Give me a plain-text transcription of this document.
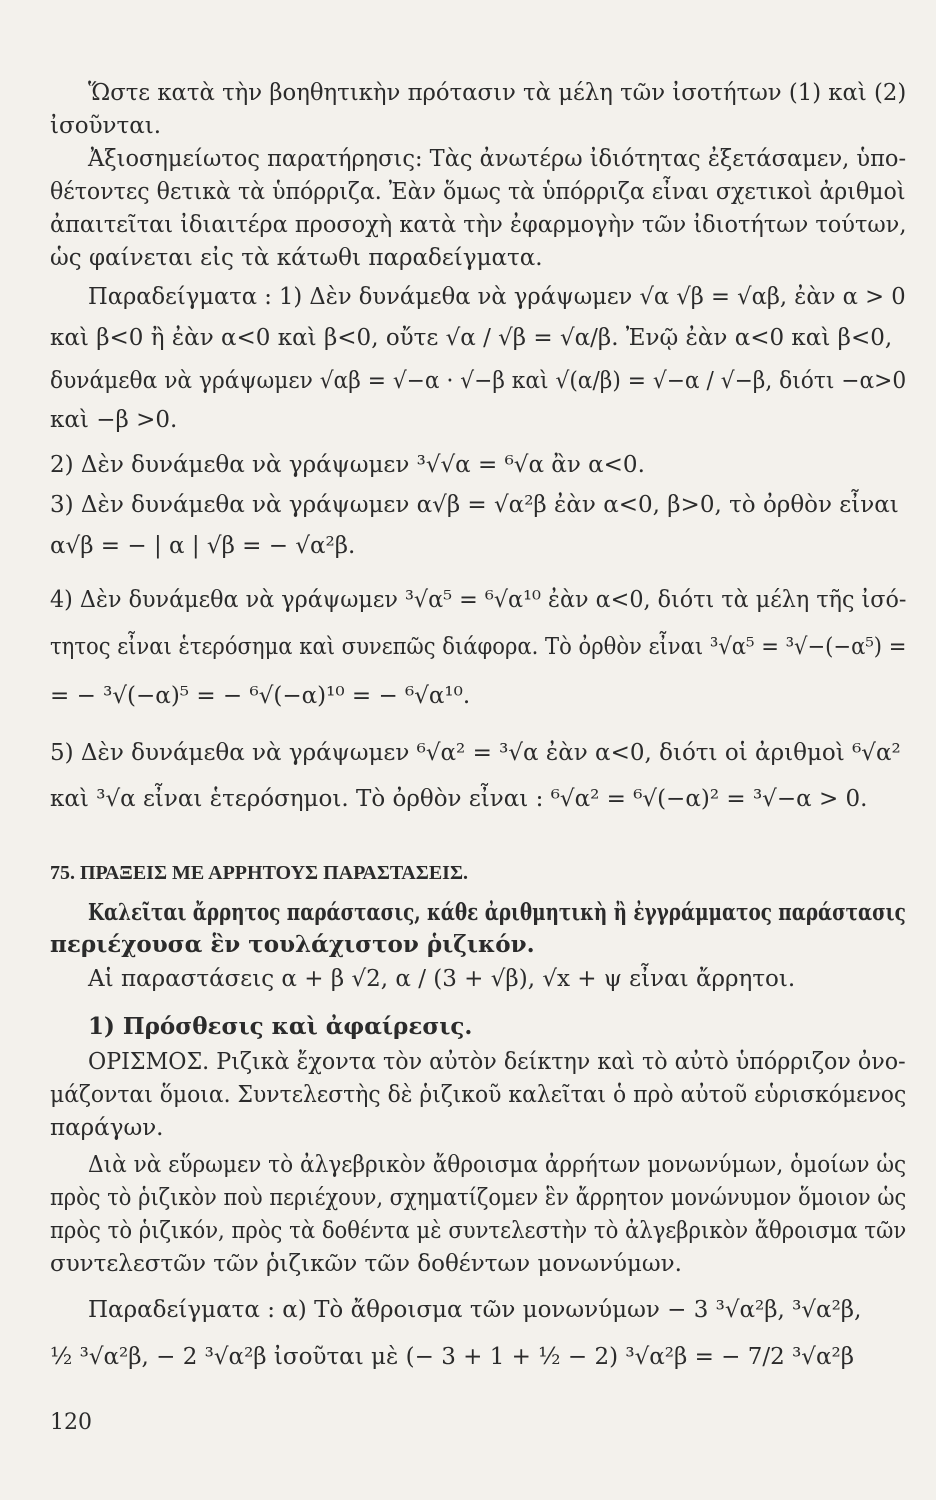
Ὥστε κατὰ τὴν βοηθητικὴν πρότασιν τὰ μέλη τῶν ἰσοτήτων (1) καὶ (2)
ἰσοῦνται.
Ἀξιοσημείωτος παρατήρησις: Τὰς ἀνωτέρω ἰδιότητας ἐξετάσαμεν, ὑπο-
θέτοντες θετικὰ τὰ ὑπόρριζα. Ἐὰν ὅμως τὰ ὑπόρριζα εἶναι σχετικοὶ ἀριθμοὶ
ἀπαιτεῖται ἰδιαιτέρα προσοχὴ κατὰ τὴν ἐφαρμογὴν τῶν ἰδιοτήτων τούτων,
ὡς φαίνεται εἰς τὰ κάτωθι παραδείγματα.
Παραδείγματα : 1) Δὲν δυνάμεθα νὰ γράψωμεν √α √β = √αβ, ἐὰν α > 0
καὶ β<0 ἢ ἐὰν α<0 καὶ β<0, οὔτε √α / √β = √α/β. Ἐνῷ ἐὰν α<0 καὶ β<0,
δυνάμεθα νὰ γράψωμεν √αβ = √−α · √−β καὶ √(α/β) = √−α / √−β, διότι −α>0
καὶ −β >0.
2) Δὲν δυνάμεθα νὰ γράψωμεν ³√√α = ⁶√α ἂν α<0.
3) Δὲν δυνάμεθα νὰ γράψωμεν α√β = √α²β ἐὰν α<0, β>0, τὸ ὀρθὸν εἶναι
α√β = − | α | √β = − √α²β.
4) Δὲν δυνάμεθα νὰ γράψωμεν ³√α⁵ = ⁶√α¹⁰ ἐὰν α<0, διότι τὰ μέλη τῆς ἰσό-
τητος εἶναι ἑτερόσημα καὶ συνεπῶς διάφορα. Τὸ ὀρθὸν εἶναι ³√α⁵ = ³√−(−α⁵) =
= − ³√(−α)⁵ = − ⁶√(−α)¹⁰ = − ⁶√α¹⁰.
5) Δὲν δυνάμεθα νὰ γράψωμεν ⁶√α² = ³√α ἐὰν α<0, διότι οἱ ἀριθμοὶ ⁶√α²
καὶ ³√α εἶναι ἑτερόσημοι. Τὸ ὀρθὸν εἶναι : ⁶√α² = ⁶√(−α)² = ³√−α > 0.
75. ΠΡΑΞΕΙΣ ΜΕ ΑΡΡΗΤΟΥΣ ΠΑΡΑΣΤΑΣΕΙΣ.
Καλεῖται ἄρρητος παράστασις, κάθε ἀριθμητικὴ ἢ ἐγγράμματος παράστασις
περιέχουσα ἓν τουλάχιστον ῥιζικόν.
Αἱ παραστάσεις α + β √2, α / (3 + √β), √x + ψ εἶναι ἄρρητοι.
1) Πρόσθεσις καὶ ἀφαίρεσις.
ΟΡΙΣΜΟΣ. Ριζικὰ ἔχοντα τὸν αὐτὸν δείκτην καὶ τὸ αὐτὸ ὑπόρριζον ὀνο-
μάζονται ὅμοια. Συντελεστὴς δὲ ῥιζικοῦ καλεῖται ὁ πρὸ αὐτοῦ εὑρισκόμενος
παράγων.
Διὰ νὰ εὕρωμεν τὸ ἀλγεβρικὸν ἄθροισμα ἀρρήτων μονωνύμων, ὁμοίων ὡς
πρὸς τὸ ῥιζικὸν ποὺ περιέχουν, σχηματίζομεν ἓν ἄρρητον μονώνυμον ὅμοιον ὡς
πρὸς τὸ ῥιζικόν, πρὸς τὰ δοθέντα μὲ συντελεστὴν τὸ ἀλγεβρικὸν ἄθροισμα τῶν
συντελεστῶν τῶν ῥιζικῶν τῶν δοθέντων μονωνύμων.
Παραδείγματα : α) Τὸ ἄθροισμα τῶν μονωνύμων − 3 ³√α²β, ³√α²β,
½ ³√α²β, − 2 ³√α²β ἰσοῦται μὲ (− 3 + 1 + ½ − 2) ³√α²β = − 7/2 ³√α²β
120
